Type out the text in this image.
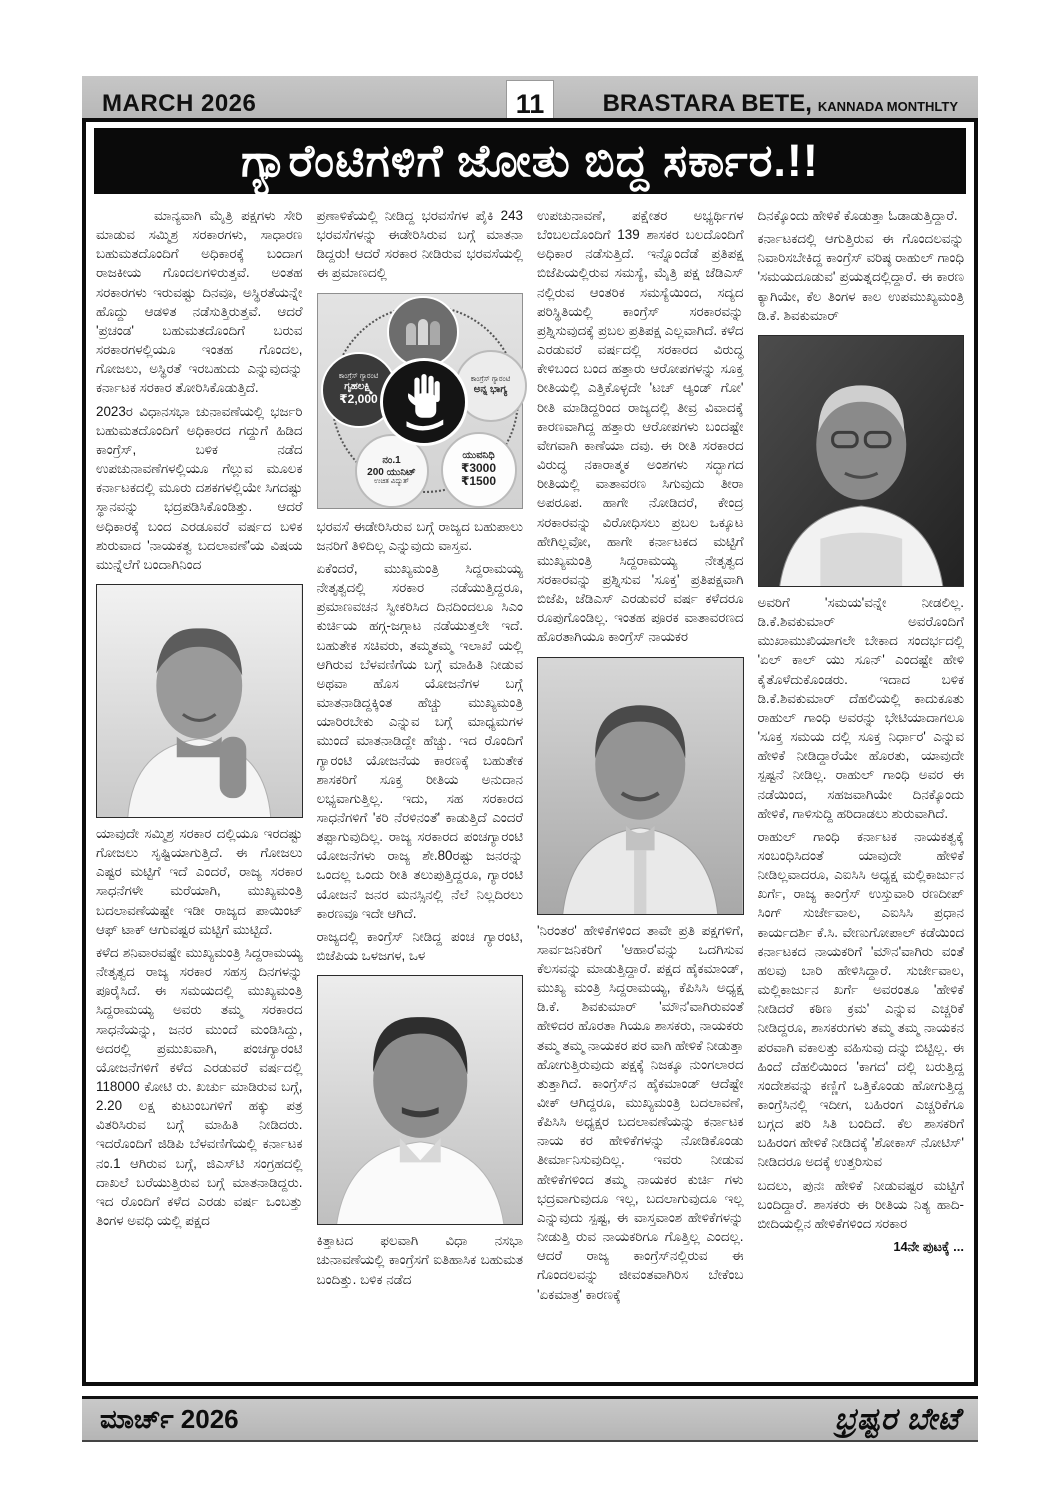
MARCH 2026	11	BRASTARA BETE, KANNADA MONTHLTY
ಗ್ಯಾರೆಂಟಿಗಳಿಗೆ ಜೋತು ಬಿದ್ದ ಸರ್ಕಾರ.!!

ಮಾನ್ಯವಾಗಿ ಮೈತ್ರಿ ಪಕ್ಷಗಳು ಸೇರಿ ಮಾಡುವ ಸಮ್ಮಿಶ್ರ ಸರಕಾರಗಳು, ಸಾಧಾರಣ ಬಹುಮತದೊಂದಿಗೆ ಅಧಿಕಾರಕ್ಕೆ ಬಂದಾಗ ರಾಜಕೀಯ ಗೊಂದಲಗಳಿರುತ್ತವೆ. ಅಂತಹ ಸರಕಾರಗಳು ಇರುವಷ್ಟು ದಿನವೂ, ಅಸ್ಥಿರತೆಯನ್ನೇ ಹೊದ್ದು ಆಡಳಿತ ನಡೆಸುತ್ತಿರುತ್ತವೆ. ಆದರೆ 'ಪ್ರಚಂಡ' ಬಹುಮತದೊಂದಿಗೆ ಬರುವ ಸರಕಾರಗಳಲ್ಲಿಯೂ ಇಂತಹ ಗೊಂದಲ, ಗೋಜಲು, ಅಸ್ಥಿರತೆ ಇರಬಹುದು ಎನ್ನುವುದನ್ನು ಕರ್ನಾಟಕ ಸರಕಾರ ತೋರಿಸಿಕೊಡುತ್ತಿದೆ.

2023ರ ವಿಧಾನಸಭಾ ಚುನಾವಣೆಯಲ್ಲಿ ಭರ್ಜರಿ ಬಹುಮತದೊಂದಿಗೆ ಅಧಿಕಾರದ ಗದ್ದುಗೆ ಹಿಡಿದ ಕಾಂಗ್ರೆಸ್, ಬಳಿಕ ನಡೆದ ಉಪಚುನಾವಣೆಗಳಲ್ಲಿಯೂ ಗೆಲ್ಲುವ ಮೂಲಕ ಕರ್ನಾಟಕದಲ್ಲಿ ಮೂರು ದಶಕಗಳಲ್ಲಿಯೇ ಸಿಗದಷ್ಟು ಸ್ಥಾನವನ್ನು ಭದ್ರಪಡಿಸಿಕೊಂಡಿತ್ತು. ಆದರೆ ಅಧಿಕಾರಕ್ಕೆ ಬಂದ ಎರಡೂವರೆ ವರ್ಷದ ಬಳಿಕ ಶುರುವಾದ 'ನಾಯಕತ್ವ ಬದಲಾವಣೆ'ಯ ವಿಷಯ ಮುನ್ನೆಲೆಗೆ ಬಂದಾಗಿನಿಂದ

ಯಾವುದೇ ಸಮ್ಮಿಶ್ರ ಸರಕಾರ ದಲ್ಲಿಯೂ ಇರದಷ್ಟು ಗೋಜಲು ಸೃಷ್ಟಿಯಾಗುತ್ತಿದೆ. ಈ ಗೋಜಲು ಎಷ್ಟರ ಮಟ್ಟಿಗೆ ಇದೆ ಎಂದರೆ, ರಾಜ್ಯ ಸರಕಾರ ಸಾಧನೆಗಳೇ ಮರೆಯಾಗಿ, ಮುಖ್ಯಮಂತ್ರಿ ಬದಲಾವಣೆಯಷ್ಟೇ ಇಡೀ ರಾಜ್ಯದ ಪಾಯಿಂಟ್ ಆಫ್ ಟಾಕ್ ಆಗುವಷ್ಟರ ಮಟ್ಟಿಗೆ ಮುಟ್ಟಿದೆ.

ಕಳೆದ ಶನಿವಾರವಷ್ಟೇ ಮುಖ್ಯಮಂತ್ರಿ ಸಿದ್ದರಾಮಯ್ಯ ನೇತೃತ್ವದ ರಾಜ್ಯ ಸರಕಾರ ಸಹಸ್ರ ದಿನಗಳನ್ನು ಪೂರೈಸಿದೆ. ಈ ಸಮಯದಲ್ಲಿ ಮುಖ್ಯಮಂತ್ರಿ ಸಿದ್ದರಾಮಯ್ಯ ಅವರು ತಮ್ಮ ಸರಕಾರದ ಸಾಧನೆಯನ್ನು, ಜನರ ಮುಂದೆ ಮಂಡಿಸಿದ್ದು, ಅದರಲ್ಲಿ ಪ್ರಮುಖವಾಗಿ, ಪಂಚಗ್ಯಾರಂಟಿ ಯೋಜನೆಗಳಿಗೆ ಕಳೆದ ಎರಡುವರೆ ವರ್ಷದಲ್ಲಿ 118000 ಕೋಟಿ ರು. ಖರ್ಚು ಮಾಡಿರುವ ಬಗ್ಗೆ, 2.20 ಲಕ್ಷ ಕುಟುಂಬಗಳಿಗೆ ಹಕ್ಕು ಪತ್ರ ವಿತರಿಸಿರುವ ಬಗ್ಗೆ ಮಾಹಿತಿ ನೀಡಿದರು. ಇದರೊಂದಿಗೆ ಜಿಡಿಪಿ ಬೆಳವಣಿಗೆಯಲ್ಲಿ ಕರ್ನಾಟಕ ನಂ.1 ಆಗಿರುವ ಬಗ್ಗೆ, ಜಿಎಸ್‌ಟಿ ಸಂಗ್ರಹದಲ್ಲಿ ದಾಖಲೆ ಬರೆಯುತ್ತಿರುವ ಬಗ್ಗೆ ಮಾತನಾಡಿದ್ದರು. ಇದ ರೊಂದಿಗೆ ಕಳೆದ ಎರಡು ವರ್ಷ ಒಂಬತ್ತು ತಿಂಗಳ ಅವಧಿ ಯಲ್ಲಿ ಪಕ್ಷದ

ಪ್ರಣಾಳಿಕೆಯಲ್ಲಿ ನೀಡಿದ್ದ ಭರವಸೆಗಳ ಪೈಕಿ 243 ಭರವಸೆಗಳನ್ನು ಈಡೇರಿಸಿರುವ ಬಗ್ಗೆ ಮಾತನಾ ಡಿದ್ದರು! ಆದರೆ ಸರಕಾರ ನೀಡಿರುವ ಭರವಸೆಯಲ್ಲಿ ಈ ಪ್ರಮಾಣದಲ್ಲಿ

ಕಾಂಗ್ರೆಸ್ ಗ್ಯಾರಂಟಿ
ಗೃಹಲಕ್ಷ್ಮಿ
₹2,000
ಕಾಂಗ್ರೆಸ್ ಗ್ಯಾರಂಟಿ
ಅನ್ನ ಭಾಗ್ಯ
ನಂ.1
200 ಯುನಿಟ್
ಉಚಿತ ವಿದ್ಯುತ್
ಯುವನಿಧಿ
₹3000 ₹1500

ಭರವಸೆ ಈಡೇರಿಸಿರುವ ಬಗ್ಗೆ ರಾಜ್ಯದ ಬಹುಪಾಲು ಜನರಿಗೆ ತಿಳಿದಿಲ್ಲ ಎನ್ನುವುದು ವಾಸ್ತವ.

ಏಕೆಂದರೆ, ಮುಖ್ಯಮಂತ್ರಿ ಸಿದ್ದರಾಮಯ್ಯ ನೇತೃತ್ವದಲ್ಲಿ ಸರಕಾರ ನಡೆಯುತ್ತಿದ್ದರೂ, ಪ್ರಮಾಣವಚನ ಸ್ವೀಕರಿಸಿದ ದಿನದಿಂದಲೂ ಸಿಎಂ ಕುರ್ಚಿಯ ಹಗ್ಗ-ಜಗ್ಗಾಟ ನಡೆಯುತ್ತಲೇ ಇದೆ. ಬಹುತೇಕ ಸಚಿವರು, ತಮ್ಮತಮ್ಮ ಇಲಾಖೆ ಯಲ್ಲಿ ಆಗಿರುವ ಬೆಳವಣಿಗೆಯ ಬಗ್ಗೆ ಮಾಹಿತಿ ನೀಡುವ ಅಥವಾ ಹೊಸ ಯೋಜನೆಗಳ ಬಗ್ಗೆ ಮಾತನಾಡಿದ್ದಕ್ಕಿಂತ ಹೆಚ್ಚು ಮುಖ್ಯಮಂತ್ರಿ ಯಾರಿರಬೇಕು ಎನ್ನುವ ಬಗ್ಗೆ ಮಾಧ್ಯಮಗಳ ಮುಂದೆ ಮಾತನಾಡಿದ್ದೇ ಹೆಚ್ಚು. ಇದ ರೊಂದಿಗೆ ಗ್ಯಾರಂಟಿ ಯೋಜನೆಯ ಕಾರಣಕ್ಕೆ ಬಹುತೇಕ ಶಾಸಕರಿಗೆ ಸೂಕ್ತ ರೀತಿಯ ಅನುದಾನ ಲಭ್ಯವಾಗುತ್ತಿಲ್ಲ. ಇದು, ಸಹ ಸರಕಾರದ ಸಾಧನೆಗಳಿಗೆ 'ಕರಿ ನೆರಳಿನಂತೆ' ಕಾಡುತ್ತಿದೆ ಎಂದರೆ ತಪ್ಪಾಗುವುದಿಲ್ಲ. ರಾಜ್ಯ ಸರಕಾರದ ಪಂಚಗ್ಯಾರಂಟಿ ಯೋಜನೆಗಳು ರಾಜ್ಯ ಶೇ.80ರಷ್ಟು ಜನರನ್ನು ಒಂದಲ್ಲ ಒಂದು ರೀತಿ ತಲುಪುತ್ತಿದ್ದರೂ, ಗ್ಯಾರಂಟಿ ಯೋಜನೆ ಜನರ ಮನಸ್ಸಿನಲ್ಲಿ ನೆಲೆ ನಿಲ್ಲದಿರಲು ಕಾರಣವೂ ಇದೇ ಆಗಿದೆ.

ರಾಜ್ಯದಲ್ಲಿ ಕಾಂಗ್ರೆಸ್ ನೀಡಿದ್ದ ಪಂಚ ಗ್ಯಾರಂಟಿ, ಬಿಜೆಪಿಯ ಒಳಜಗಳ, ಒಳ

ಕಿತ್ತಾಟದ ಫಲವಾಗಿ ವಿಧಾ ನಸಭಾ ಚುನಾವಣೆಯಲ್ಲಿ ಕಾಂಗ್ರೆಸಗೆ ಐತಿಹಾಸಿಕ ಬಹುಮತ ಬಂದಿತ್ತು. ಬಳಿಕ ನಡೆದ

ಉಪಚುನಾವಣೆ, ಪಕ್ಷೇತರ ಅಭ್ಯರ್ಥಿಗಳ ಬೆಂಬಲದೊಂದಿಗೆ 139 ಶಾಸಕರ ಬಲದೊಂದಿಗೆ ಅಧಿಕಾರ ನಡೆಸುತ್ತಿದೆ. ಇನ್ನೊಂದೆಡೆ ಪ್ರತಿಪಕ್ಷ ಬಿಜೆಪಿಯಲ್ಲಿರುವ ಸಮಸ್ಯೆ, ಮೈತ್ರಿ ಪಕ್ಷ ಜೆಡಿಎಸ್ ನಲ್ಲಿರುವ ಆಂತರಿಕ ಸಮಸ್ಯೆಯಿಂದ, ಸದ್ಯದ ಪರಿಸ್ಥಿತಿಯಲ್ಲಿ ಕಾಂಗ್ರೆಸ್ ಸರಕಾರವನ್ನು ಪ್ರಶ್ನಿಸುವುದಕ್ಕೆ ಪ್ರಬಲ ಪ್ರತಿಪಕ್ಷ ಎಲ್ಲವಾಗಿದೆ. ಕಳೆದ ಎರಡುವರೆ ವರ್ಷದಲ್ಲಿ ಸರಕಾರದ ವಿರುದ್ಧ ಕೇಳಿಬಂದ ಬಂದ ಹತ್ತಾರು ಆರೋಪಗಳನ್ನು ಸೂಕ್ತ ರೀತಿಯಲ್ಲಿ ಎತ್ತಿಕೊಳ್ಳದೇ 'ಟಚ್ ಆ್ಯಂಡ್ ಗೋ' ರೀತಿ ಮಾಡಿದ್ದರಿಂದ ರಾಜ್ಯದಲ್ಲಿ ತೀವ್ರ ವಿವಾದಕ್ಕೆ ಕಾರಣವಾಗಿದ್ದ ಹತ್ತಾರು ಆರೋಪಗಳು ಬಂದಷ್ಟೇ ವೇಗವಾಗಿ ಕಾಣೆಯಾ ದವು. ಈ ರೀತಿ ಸರಕಾರದ ವಿರುದ್ಧ ನಕಾರಾತ್ಮಕ ಅಂಶಗಳು ಸದ್ಭಾಗದ ರೀತಿಯಲ್ಲಿ ವಾತಾವರಣ ಸಿಗುವುದು ತೀರಾ ಅಪರೂಪ. ಹಾಗೇ ನೋಡಿದರೆ, ಕೇಂದ್ರ ಸರಕಾರವನ್ನು ವಿರೋಧಿಸಲು ಪ್ರಬಲ ಒಕ್ಕೂಟ ಹೇಗಿಲ್ಲವೋ, ಹಾಗೇ ಕರ್ನಾಟಕದ ಮಟ್ಟಿಗೆ ಮುಖ್ಯಮಂತ್ರಿ ಸಿದ್ದರಾಮಯ್ಯ ನೇತೃತ್ವದ ಸರಕಾರವನ್ನು ಪ್ರಶ್ನಿಸುವ 'ಸೂಕ್ತ' ಪ್ರತಿಪಕ್ಷವಾಗಿ ಬಿಜೆಪಿ, ಜೆಡಿಎಸ್ ಎರಡುವರೆ ವರ್ಷ ಕಳೆದರೂ ರೂಪುಗೊಂಡಿಲ್ಲ. ಇಂತಹ ಪೂರಕ ವಾತಾವರಣದ ಹೊರತಾಗಿಯೂ ಕಾಂಗ್ರೆಸ್ ನಾಯಕರ

'ನಿರಂತರ' ಹೇಳಿಕೆಗಳಿಂದ ತಾವೇ ಪ್ರತಿ ಪಕ್ಷಗಳಿಗೆ, ಸಾರ್ವಜನಿಕರಿಗೆ 'ಆಹಾರ'ವನ್ನು ಒದಗಿಸುವ ಕೆಲಸವನ್ನು ಮಾಡುತ್ತಿದ್ದಾರೆ. ಪಕ್ಷದ ಹೈಕಮಾಂಡ್, ಮುಖ್ಯ ಮಂತ್ರಿ ಸಿದ್ದರಾಮಯ್ಯ, ಕೆಪಿಸಿಸಿ ಅಧ್ಯಕ್ಷ ಡಿ.ಕೆ. ಶಿವಕುಮಾರ್ 'ಮೌನ'ವಾಗಿರುವಂತೆ ಹೇಳಿದರ ಹೊರತಾ ಗಿಯೂ ಶಾಸಕರು, ನಾಯಕರು ತಮ್ಮ ತಮ್ಮ ನಾಯಕರ ಪರ ವಾಗಿ ಹೇಳಿಕೆ ನೀಡುತ್ತಾ ಹೋಗುತ್ತಿರುವುದು ಪಕ್ಷಕ್ಕೆ ನಿಜಕ್ಕೂ ನುಂಗಲಾರದ ತುತ್ತಾಗಿದೆ. ಕಾಂಗ್ರೆಸ್‌ನ ಹೈಕಮಾಂಡ್ ಆದೆಷ್ಟೇ ವೀಕ್ ಆಗಿದ್ದರೂ, ಮುಖ್ಯಮಂತ್ರಿ ಬದಲಾವಣೆ, ಕೆಪಿಸಿಸಿ ಅಧ್ಯಕ್ಷರ ಬದಲಾವಣೆಯನ್ನು ಕರ್ನಾಟಕ ನಾಯ ಕರ ಹೇಳಿಕೆಗಳನ್ನು ನೋಡಿಕೊಂಡು ತೀರ್ಮಾನಿಸುವುದಿಲ್ಲ. ಇವರು ನೀಡುವ ಹೇಳಿಕೆಗಳಿಂದ ತಮ್ಮ ನಾಯಕರ ಕುರ್ಚಿ ಗಳು ಭದ್ರವಾಗುವುದೂ ಇಲ್ಲ, ಬದಲಾಗುವುದೂ ಇಲ್ಲ ಎನ್ನುವುದು ಸ್ಪಷ್ಟ, ಈ ವಾಸ್ತವಾಂಶ ಹೇಳಿಕೆಗಳನ್ನು ನೀಡುತ್ತಿ ರುವ ನಾಯಕರಿಗೂ ಗೊತ್ತಿಲ್ಲ ಎಂದಲ್ಲ. ಆದರೆ ರಾಜ್ಯ ಕಾಂಗ್ರೆಸ್‌ನಲ್ಲಿರುವ ಈ ಗೊಂದಲವನ್ನು ಜೀವಂತವಾಗಿರಿಸ ಬೇಕೆಂಬ 'ಏಕಮಾತ್ರ' ಕಾರಣಕ್ಕೆ

ದಿನಕ್ಕೊಂದು ಹೇಳಿಕೆ ಕೊಡುತ್ತಾ ಓಡಾಡುತ್ತಿದ್ದಾರೆ.

ಕರ್ನಾಟಕದಲ್ಲಿ ಆಗುತ್ತಿರುವ ಈ ಗೊಂದಲವನ್ನು ನಿವಾರಿಸಬೇಕಿದ್ದ ಕಾಂಗ್ರೆಸ್ ವರಿಷ್ಠ ರಾಹುಲ್ ಗಾಂಧಿ 'ಸಮಯದೂಡುವ' ಪ್ರಯತ್ನದಲ್ಲಿದ್ದಾರೆ. ಈ ಕಾರಣ ಕ್ಯಾಗಿಯೇ, ಕೆಲ ತಿಂಗಳ ಕಾಲ ಉಪಮುಖ್ಯಮಂತ್ರಿ ಡಿ.ಕೆ. ಶಿವಕುಮಾರ್

ಅವರಿಗೆ 'ಸಮಯ'ವನ್ನೇ ನೀಡಲಿಲ್ಲ. ಡಿ.ಕೆ.ಶಿವಕುಮಾರ್ ಅವರೊಂದಿಗೆ ಮುಖಾಮುಖಿಯಾಗಲೇ ಬೇಕಾದ ಸಂದರ್ಭದಲ್ಲಿ 'ಏಲ್ ಕಾಲ್ ಯು ಸೂನ್' ಎಂದಷ್ಟೇ ಹೇಳಿ ಕೈತೊಳೆದುಕೊಂಡರು. ಇದಾದ ಬಳಿಕ ಡಿ.ಕೆ.ಶಿವಕುಮಾರ್ ದೆಹಲಿಯಲ್ಲಿ ಕಾದುಕೂತು ರಾಹುಲ್ ಗಾಂಧಿ ಅವರನ್ನು ಭೇಟಿಯಾದಾಗಲೂ 'ಸೂಕ್ತ ಸಮಯ ದಲ್ಲಿ ಸೂಕ್ತ ನಿರ್ಧಾರ' ಎನ್ನುವ ಹೇಳಿಕೆ ನೀಡಿದ್ದಾರೆಯೇ ಹೊರತು, ಯಾವುದೇ ಸ್ಪಷ್ಟನೆ ನೀಡಿಲ್ಲ. ರಾಹುಲ್ ಗಾಂಧಿ ಅವರ ಈ ನಡೆಯಿಂದ, ಸಹಜವಾಗಿಯೇ ದಿನಕ್ಕೊಂದು ಹೇಳಿಕೆ, ಗಾಳಿಸುದ್ದಿ ಹರಿದಾಡಲು ಶುರುವಾಗಿದೆ.

ರಾಹುಲ್ ಗಾಂಧಿ ಕರ್ನಾಟಕ ನಾಯಕತ್ವಕ್ಕೆ ಸಂಬಂಧಿಸಿದಂತೆ ಯಾವುದೇ ಹೇಳಿಕೆ ನೀಡಿಲ್ಲವಾದರೂ, ಎಐಸಿಸಿ ಅಧ್ಯಕ್ಷ ಮಲ್ಲಿಕಾರ್ಜುನ ಖರ್ಗೆ, ರಾಜ್ಯ ಕಾಂಗ್ರೆಸ್ ಉಸ್ತುವಾರಿ ರಣದೀಪ್ ಸಿಂಗ್ ಸುರ್ಜೇವಾಲ, ಎಐಸಿಸಿ ಪ್ರಧಾನ ಕಾರ್ಯದರ್ಶಿ ಕೆ.ಸಿ. ವೇಣುಗೋಪಾಲ್ ಕಡೆಯಿಂದ ಕರ್ನಾಟಕದ ನಾಯಕರಿಗೆ 'ಮೌನ'ವಾಗಿರು ವಂತೆ ಹಲವು ಬಾರಿ ಹೇಳಿಸಿದ್ದಾರೆ. ಸುರ್ಜೇವಾಲ, ಮಲ್ಲಿಕಾರ್ಜುನ ಖರ್ಗೆ ಅವರಂತೂ 'ಹೇಳಿಕೆ ನೀಡಿದರೆ ಕಠಿಣ ಕ್ರಮ' ಎನ್ನುವ ಎಚ್ಚರಿಕೆ ನೀಡಿದ್ದರೂ, ಶಾಸಕರುಗಳು ತಮ್ಮ ತಮ್ಮ ನಾಯಕನ ಪರವಾಗಿ ವಕಾಲತ್ತು ವಹಿಸುವು ದನ್ನು ಬಿಟ್ಟಿಲ್ಲ. ಈ ಹಿಂದೆ ದೆಹಲಿಯಿಂದ 'ಕಾಗದ' ದಲ್ಲಿ ಬರುತ್ತಿದ್ದ ಸಂದೇಶವನ್ನು ಕಣ್ಣಿಗೆ ಒತ್ತಿಕೊಂಡು ಹೋಗುತ್ತಿದ್ದ ಕಾಂಗ್ರೆಸಿನಲ್ಲಿ ಇದೀಗ, ಬಹಿರಂಗ ಎಚ್ಚರಿಕೆಗೂ ಬಗ್ಗದ ಪರಿ ಸಿತಿ ಬಂದಿದೆ. ಕೆಲ ಶಾಸಕರಿಗೆ ಬಹಿರಂಗ ಹೇಳಿಕೆ ನೀಡಿದಕ್ಕೆ 'ಶೋಕಾಸ್ ನೋಟಿಸ್' ನೀಡಿದರೂ ಅದಕ್ಕೆ ಉತ್ತರಿಸುವ

ಬದಲು, ಪುನಃ ಹೇಳಿಕೆ ನೀಡುವಷ್ಟರ ಮಟ್ಟಿಗೆ ಬಂದಿದ್ದಾರೆ. ಶಾಸಕರು ಈ ರೀತಿಯ ನಿತ್ಯ ಹಾದಿ-ಬೀದಿಯಲ್ಲಿನ ಹೇಳಿಕೆಗಳಿಂದ ಸರಕಾರ

14ನೇ ಪುಟಕ್ಕೆ ...
ಮಾರ್ಚ್ 2026	ಭ್ರಷ್ಟರ ಬೇಟೆ
